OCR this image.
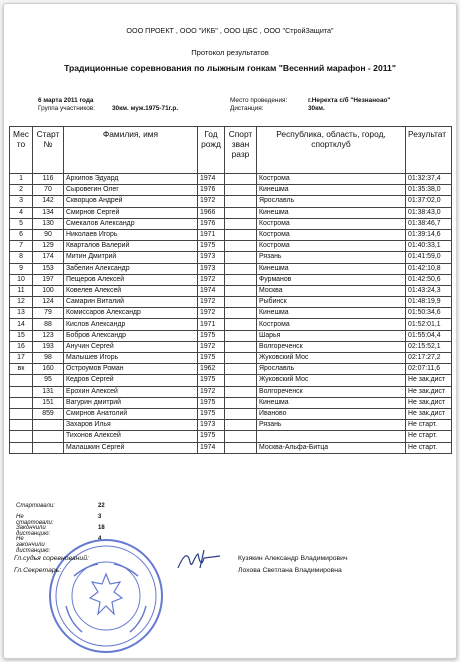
ООО ПРОЕКТ , ООО "ИКБ" , ООО ЦБС , ООО "СтройЗащита"
Протокол результатов
Традиционные соревнования по лыжным гонкам "Весенний марафон - 2011"
6 марта 2011 года
Группа участников:	30км. муж.1975-71г.р.
Место проведения:	г.Нерехта с/б "Незнаноао"
Дистанция:	30км.
Мес то	Старт №	Фамилия, имя	Год рожд	Спорт зван разр	Республика, область, город, спортклуб	Результат
1	116	Архипов Эдуард	1974		Кострома	01:32:37,4
2	70	Сыровегин Олег	1976		Кинешма	01:35:38,0
3	142	Скворцов Андрей	1972		Ярославль	01:37:02,0
4	134	Смирнов Сергей	1966		Кинешма	01:38:43,0
5	130	Смекалов Александр	1976		Кострома	01:38:46,7
6	90	Николаев Игорь	1971		Кострома	01:39:14,6
7	129	Кварталов Валерий	1975		Кострома	01:40:33,1
8	174	Митин Дмитрий	1973		Рязань	01:41:59,0
9	153	Забелин Александр	1973		Кинешма	01:42:10,8
10	197	Пещеров Алексей	1972		Фурманов	01:42:50,6
11	100	Ковелев Алексей	1974		Москва	01:43:24,3
12	124	Самарин Виталий	1972		Рыбинск	01:48:19,9
13	79	Комиссаров Александр	1972		Кинешма	01:50:34,6
14	88	Кислов Александр	1971		Кострома	01:52:01,1
15	123	Бобров Александр	1975		Шарья	01:55:04,4
16	193	Анучин Сергей	1972		Волгореченск	02:15:52,1
17	98	Малышев Игорь	1975		Жуковский Мос	02:17:27,2
вк	160	Остроумов Роман	1962		Ярославль	02:07:11,6
	95	Кедров Сергей	1975		Жуковский Мос	Не зак.дист
	131	Ерохин Алексей	1972		Волгореченск	Не зак.дист
	151	Вагурин дмитрий	1975		Кинешма	Не зак.дист
	859	Смирнов Анатолий	1975		Иваново	Не зак.дист
		Захаров Илья	1973		Рязань	Не старт.
		Тихонов Алексей	1975			Не старт.
		Малашкин Сергей	1974		Москва-Альфа-Битца	Не старт.
Стартовали:	22
Не стартовали:
3
Закончили дистанцию:
18
Не закончили дистанцию:
4
Гл.судья соревнований:
Гл.Секретарь:
Кузякин Александр Владимирович
Лохова Светлана Владимировна
